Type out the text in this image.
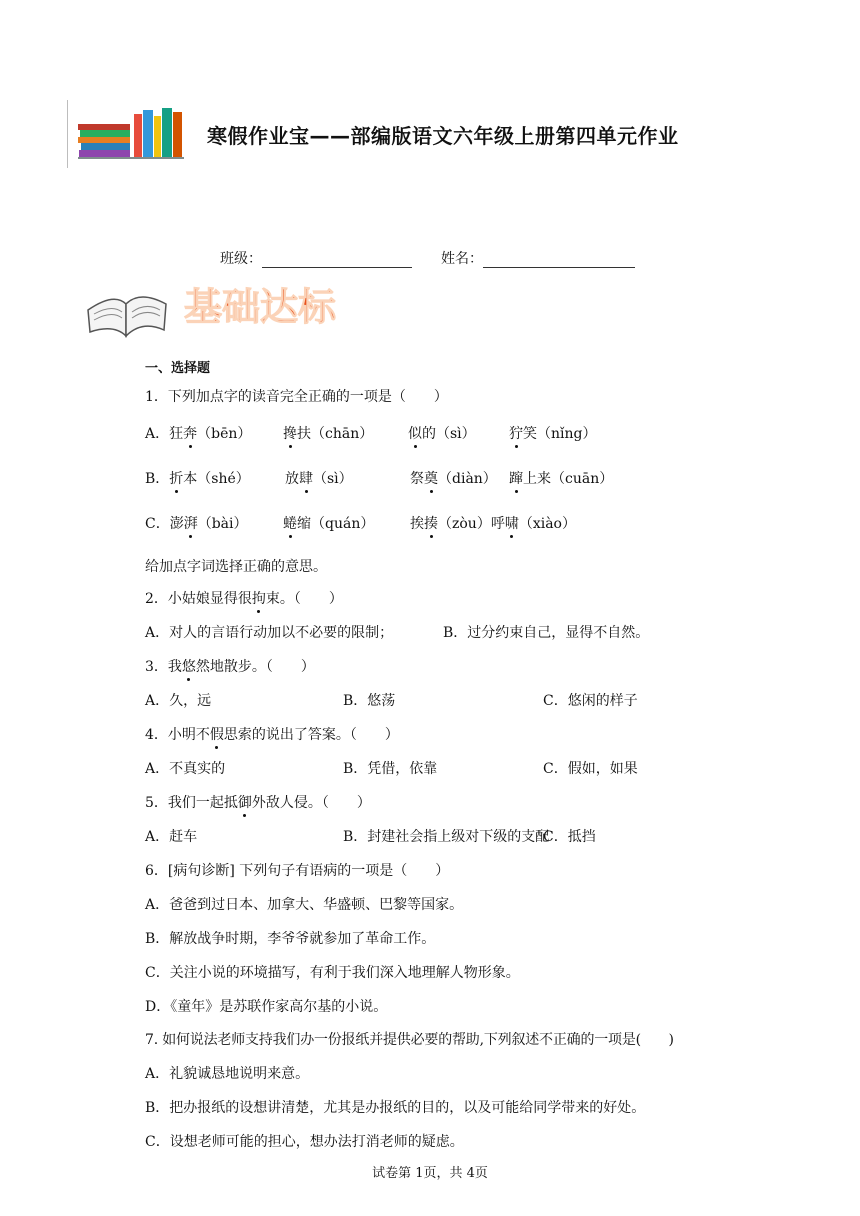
寒假作业宝——部编版语文六年级上册第四单元作业
班级：	姓名：
基础达标
一、选择题
1．下列加点字的读音完全正确的一项是（　　）
A．狂奔（bēn） 搀扶（chān） 似的（sì） 狞笑（nǐng）
B．折本（shé）	放肆（sì）	祭奠（diàn） 蹿上来（cuān）
C．澎湃（bài）	蜷缩（quán）	挨揍（zòu）呼啸（xiào）
给加点字词选择正确的意思。
2．小姑娘显得很拘束。（　　）
A．对人的言语行动加以不必要的限制；	B．过分约束自己，显得不自然。
3．我悠然地散步。（　　）
A．久，远	B．悠荡	C．悠闲的样子
4．小明不假思索的说出了答案。（　　）
A．不真实的	B．凭借，依靠	C．假如，如果
5．我们一起抵御外敌人侵。（　　）
A．赶车	B．封建社会指上级对下级的支配
C．抵挡
6．[病句诊断] 下列句子有语病的一项是（　　）
A．爸爸到过日本、加拿大、华盛顿、巴黎等国家。
B．解放战争时期，李爷爷就参加了革命工作。
C．关注小说的环境描写，有利于我们深入地理解人物形象。
D．《童年》是苏联作家高尔基的小说。
7. 如何说法老师支持我们办一份报纸并提供必要的帮助,下列叙述不正确的一项是(　　)
A．礼貌诚恳地说明来意。
B．把办报纸的设想讲清楚，尤其是办报纸的目的，以及可能给同学带来的好处。
C．设想老师可能的担心，想办法打消老师的疑虑。
试卷第 1页，共 4页
